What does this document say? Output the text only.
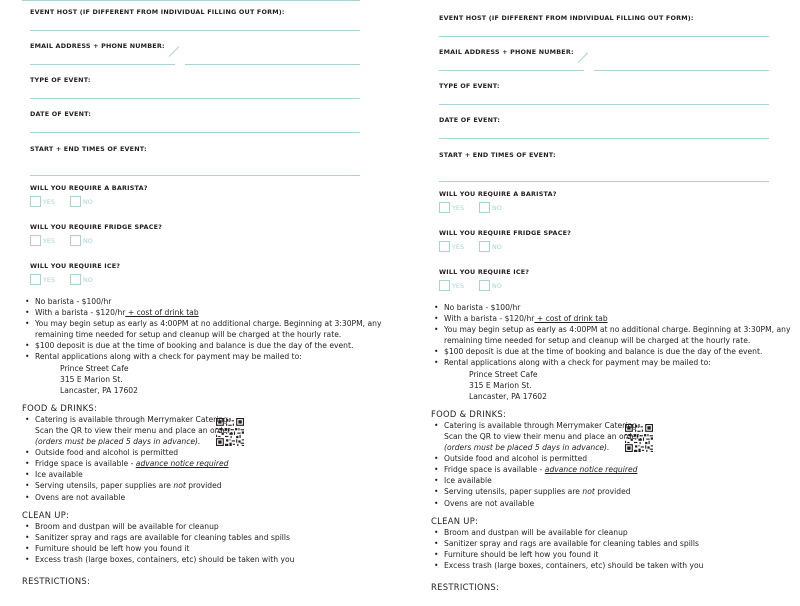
EVENT HOST (IF DIFFERENT FROM INDIVIDUAL FILLING OUT FORM):
EMAIL ADDRESS + PHONE NUMBER:
TYPE OF EVENT:
DATE OF EVENT:
START + END TIMES OF EVENT:
WILL YOU REQUIRE A BARISTA?
YES	NO
WILL YOU REQUIRE FRIDGE SPACE?
YES	NO
WILL YOU REQUIRE ICE?
YES	NO
• No barista - $100/hr
• With a barista - $120/hr + cost of drink tab
• You may begin setup as early as 4:00PM at no additional charge. Beginning at 3:30PM, any
remaining time needed for setup and cleanup will be charged at the hourly rate.
• $100 deposit is due at the time of booking and balance is due the day of the event.
• Rental applications along with a check for payment may be mailed to:
Prince Street Cafe
315 E Marion St.
Lancaster, PA 17602
FOOD & DRINKS:
• Catering is available through Merrymaker Catering.
Scan the QR to view their menu and place an order:
(orders must be placed 5 days in advance).
• Outside food and alcohol is permitted
• Fridge space is available - advance notice required
• Ice available
• Serving utensils, paper supplies are not provided
• Ovens are not available
CLEAN UP:
• Broom and dustpan will be available for cleanup
• Sanitizer spray and rags are available for cleaning tables and spills
• Furniture should be left how you found it
• Excess trash (large boxes, containers, etc) should be taken with you
RESTRICTIONS:
EVENT HOST (IF DIFFERENT FROM INDIVIDUAL FILLING OUT FORM):
EMAIL ADDRESS + PHONE NUMBER:
TYPE OF EVENT:
DATE OF EVENT:
START + END TIMES OF EVENT:
WILL YOU REQUIRE A BARISTA?
YES	NO
WILL YOU REQUIRE FRIDGE SPACE?
YES	NO
WILL YOU REQUIRE ICE?
YES	NO
• No barista - $100/hr
• With a barista - $120/hr + cost of drink tab
• You may begin setup as early as 4:00PM at no additional charge. Beginning at 3:30PM, any
remaining time needed for setup and cleanup will be charged at the hourly rate.
• $100 deposit is due at the time of booking and balance is due the day of the event.
• Rental applications along with a check for payment may be mailed to:
Prince Street Cafe
315 E Marion St.
Lancaster, PA 17602
FOOD & DRINKS:
• Catering is available through Merrymaker Catering.
Scan the QR to view their menu and place an order:
(orders must be placed 5 days in advance).
• Outside food and alcohol is permitted
• Fridge space is available - advance notice required
• Ice available
• Serving utensils, paper supplies are not provided
• Ovens are not available
CLEAN UP:
• Broom and dustpan will be available for cleanup
• Sanitizer spray and rags are available for cleaning tables and spills
• Furniture should be left how you found it
• Excess trash (large boxes, containers, etc) should be taken with you
RESTRICTIONS:
